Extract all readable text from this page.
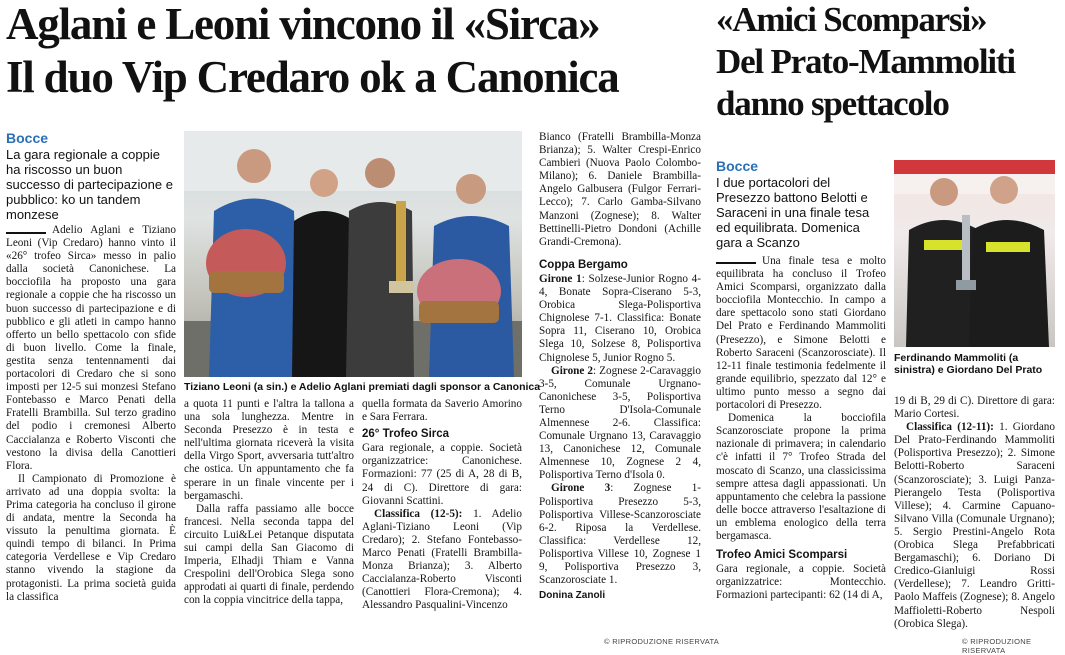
Aglani e Leoni vincono il «Sirca»
Il duo Vip Credaro ok a Canonica
«Amici Scomparsi»
Del Prato-Mammoliti
danno spettacolo
Bocce
La gara regionale a coppie ha riscosso un buon successo di partecipazione e pubblico: ko un tandem monzese
Tiziano Leoni (a sin.) e Adelio Aglani premiati dagli sponsor a Canonica

Adelio Aglani e Tiziano Leoni (Vip Credaro) hanno vinto il «26° trofeo Sirca» messo in palio dalla società Canonichese. La bocciofila ha proposto una gara regionale a coppie che ha riscosso un buon successo di partecipazione e di pubblico e gli atleti in campo hanno offerto un bello spettacolo con sfide di buon livello. Come la finale, gestita senza tentennamenti dai portacolori di Credaro che si sono imposti per 12-5 sui monzesi Stefano Fontebasso e Marco Penati della Fratelli Brambilla. Sul terzo gradino del podio i cremonesi Alberto Caccialanza e Roberto Visconti che vestono la divisa della Canottieri Flora.

Il Campionato di Promozione è arrivato ad una doppia svolta: la Prima categoria ha concluso il girone di andata, mentre la Seconda ha vissuto la penultima giornata. È quindi tempo di bilanci. In Prima categoria Verdellese e Vip Credaro stanno vivendo la stagione da protagonisti. La prima società guida la classifica

a quota 11 punti e l'altra la tallona a una sola lunghezza. Mentre in Seconda Presezzo è in testa e nell'ultima giornata riceverà la visita della Virgo Sport, avversaria tutt'altro che ostica. Un appuntamento che fa sperare in un finale vincente per i bergamaschi.

Dalla raffa passiamo alle bocce francesi. Nella seconda tappa del circuito Lui&Lei Petanque disputata sui campi della San Giacomo di Imperia, Elhadji Thiam e Vanna Crespolini dell'Orobica Slega sono approdati ai quarti di finale, perdendo con la coppia vincitrice della tappa,

quella formata da Saverio Amorino e Sara Ferrara.

26° Trofeo Sirca

Gara regionale, a coppie. Società organizzatrice: Canonichese. Formazioni: 77 (25 di A, 28 di B, 24 di C). Direttore di gara: Giovanni Scattini.

Classifica (12-5): 1. Adelio Aglani-Tiziano Leoni (Vip Credaro); 2. Stefano Fontebasso-Marco Penati (Fratelli Brambilla-Monza Brianza); 3. Alberto Caccialanza-Roberto Visconti (Canottieri Flora-Cremona); 4. Alessandro Pasqualini-Vincenzo

Bianco (Fratelli Brambilla-Monza Brianza); 5. Walter Crespi-Enrico Cambieri (Nuova Paolo Colombo-Milano); 6. Daniele Brambilla-Angelo Galbusera (Fulgor Ferrari-Lecco); 7. Carlo Gamba-Silvano Manzoni (Zognese); 8. Walter Bettinelli-Pietro Dondoni (Achille Grandi-Cremona).

Coppa Bergamo

Girone 1: Solzese-Junior Rogno 4-4, Bonate Sopra-Ciserano 5-3, Orobica Slega-Polisportiva Chignolese 7-1. Classifica: Bonate Sopra 11, Ciserano 10, Orobica Slega 10, Solzese 8, Polisportiva Chignolese 5, Junior Rogno 5.

Girone 2: Zognese 2-Caravaggio 3-5, Comunale Urgnano-Canonichese 3-5, Polisportiva Terno D'Isola-Comunale Almennese 2-6. Classifica: Comunale Urgnano 13, Caravaggio 13, Canonichese 12, Comunale Almennese 10, Zognese 2 4, Polisportiva Terno d'Isola 0.

Girone 3: Zognese 1-Polisportiva Presezzo 5-3, Polisportiva Villese-Scanzorosciate 6-2. Riposa la Verdellese. Classifica: Verdellese 12, Polisportiva Villese 10, Zognese 1 9, Polisportiva Presezzo 3, Scanzorosciate 1.

Donina Zanoli
© RIPRODUZIONE RISERVATA
Bocce
I due portacolori del Presezzo battono Belotti e Saraceni in una finale tesa ed equilibrata. Domenica gara a Scanzo
Ferdinando Mammoliti (a sinistra) e Giordano Del Prato

Una finale tesa e molto equilibrata ha concluso il Trofeo Amici Scomparsi, organizzato dalla bocciofila Montecchio. In campo a dare spettacolo sono stati Giordano Del Prato e Ferdinando Mammoliti (Presezzo), e Simone Belotti e Roberto Saraceni (Scanzorosciate). Il 12-11 finale testimonia fedelmente il grande equilibrio, spezzato dal 12° e ultimo punto messo a segno dai portacolori di Presezzo.

Domenica la bocciofila Scanzorosciate propone la prima nazionale di primavera; in calendario c'è infatti il 7° Trofeo Strada del moscato di Scanzo, una classicissima sempre attesa dagli appassionati. Un appuntamento che celebra la passione delle bocce attraverso l'esaltazione di un emblema enologico della terra bergamasca.

Trofeo Amici Scomparsi

Gara regionale, a coppie. Società organizzatrice: Montecchio. Formazioni partecipanti: 62 (14 di A,

19 di B, 29 di C). Direttore di gara: Mario Cortesi.

Classifica (12-11): 1. Giordano Del Prato-Ferdinando Mammoliti (Polisportiva Presezzo); 2. Simone Belotti-Roberto Saraceni (Scanzorosciate); 3. Luigi Panza-Pierangelo Testa (Polisportiva Villese); 4. Carmine Capuano-Silvano Villa (Comunale Urgnano); 5. Sergio Prestini-Angelo Rota (Orobica Slega Prefabbricati Bergamaschi); 6. Doriano Di Credico-Gianluigi Rossi (Verdellese); 7. Leandro Gritti-Paolo Maffeis (Zognese); 8. Angelo Maffioletti-Roberto Nespoli (Orobica Slega).

© RIPRODUZIONE RISERVATA
